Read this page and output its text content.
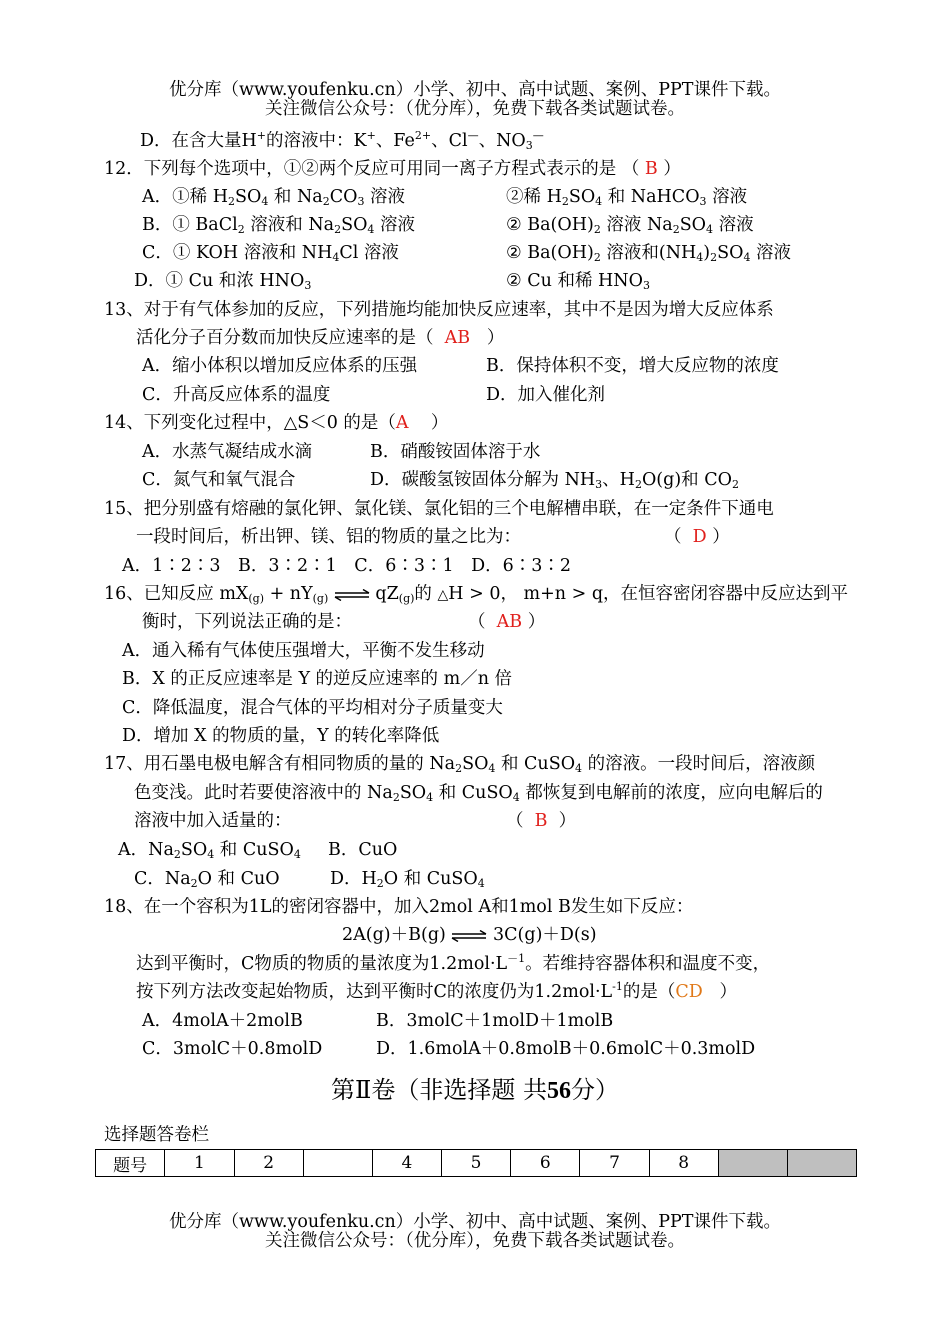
优分库（www.youfenku.cn）小学、初中、高中试题、案例、PPT课件下载。
关注微信公众号：（优分库），免费下载各类试题试卷。
D．在含大量H+的溶液中：K+、$Fe^{2+}$、Cl—、$NO_3^—$
12．下列每个选项中，①②两个反应可用同一离子方程式表示的是 （ B ）
A．①稀 $H_2SO_4$ 和 $Na_2CO_3$ 溶液	②稀 $H_2SO_4$ 和 NaHCO$_3$ 溶液
B．① BaCl$_2$ 溶液和 $Na_2SO_4$ 溶液	② $Ba(OH)_2$ 溶液 $Na_2SO_4$ 溶液
C．① KOH 溶液和 $NH_4Cl$ 溶液	② $Ba(OH)_2$ 溶液和$(NH_4)_2SO_4$ 溶液
D．① Cu 和浓 $HNO_3$	② Cu 和稀 $HNO_3$
13、对于有气体参加的反应，下列措施均能加快反应速率，其中不是因为增大反应体系
活化分子百分数而加快反应速率的是（ AB ）
A．缩小体积以增加反应体系的压强	B．保持体积不变，增大反应物的浓度
C．升高反应体系的温度	D．加入催化剂
14、下列变化过程中，△S＜0 的是（A ）
A．水蒸气凝结成水滴	B．硝酸铵固体溶于水
C．氮气和氧气混合	D．碳酸氢铵固体分解为 $NH_3$、$H_2O(g)$和 $CO_2$
15、把分别盛有熔融的氯化钾、氯化镁、氯化铝的三个电解槽串联，在一定条件下通电
一段时间后，析出钾、镁、铝的物质的量之比为：	（ D ）
A．1∶2∶3　B．3∶2∶1　C．6∶3∶1　D．6∶3∶2
16、已知反应 $mX_{(g)} + nY_{(g)}$ ⇌ $qZ_{(g)}$的 △H > 0， m+n > q，在恒容密闭容器中反应达到平
衡时，下列说法正确的是：	（ AB ）
A．通入稀有气体使压强增大，平衡不发生移动
B．X 的正反应速率是 Y 的逆反应速率的 m／n 倍
C．降低温度，混合气体的平均相对分子质量变大
D．增加 X 的物质的量，Y 的转化率降低
17、用石墨电极电解含有相同物质的量的 $Na_2SO_4$ 和 CuSO$_4$ 的溶液。一段时间后，溶液颜
色变浅。此时若要使溶液中的 $Na_2SO_4$ 和 CuSO$_4$ 都恢复到电解前的浓度，应向电解后的
溶液中加入适量的：	（ B ）
A．$Na_2SO_4$ 和 CuSO$_4$ B．CuO
C．$Na_2O$ 和 CuO	D．$H_2O$ 和 CuSO$_4$
18、在一个容积为1L的密闭容器中，加入2mol A和1mol B发生如下反应：
2A(g)＋B(g) ⇌ 3C(g)＋D(s)
达到平衡时，C物质的物质的量浓度为$1.2mol\cdot L^{-1}$。若维持容器体积和温度不变，
按下列方法改变起始物质，达到平衡时C的浓度仍为$1.2mol\cdot L^{-1}$的是（CD ）
A．4molA＋2molB	B．3molC＋1molD＋1molB
C．3molC＋0.8molD	D．1.6molA＋0.8molB＋0.6molC＋0.3molD
第Ⅱ卷（非选择题 共56分）
选择题答卷栏
题号	1	2		4	5	6	7	8		
优分库（www.youfenku.cn）小学、初中、高中试题、案例、PPT课件下载。
关注微信公众号：（优分库），免费下载各类试题试卷。
